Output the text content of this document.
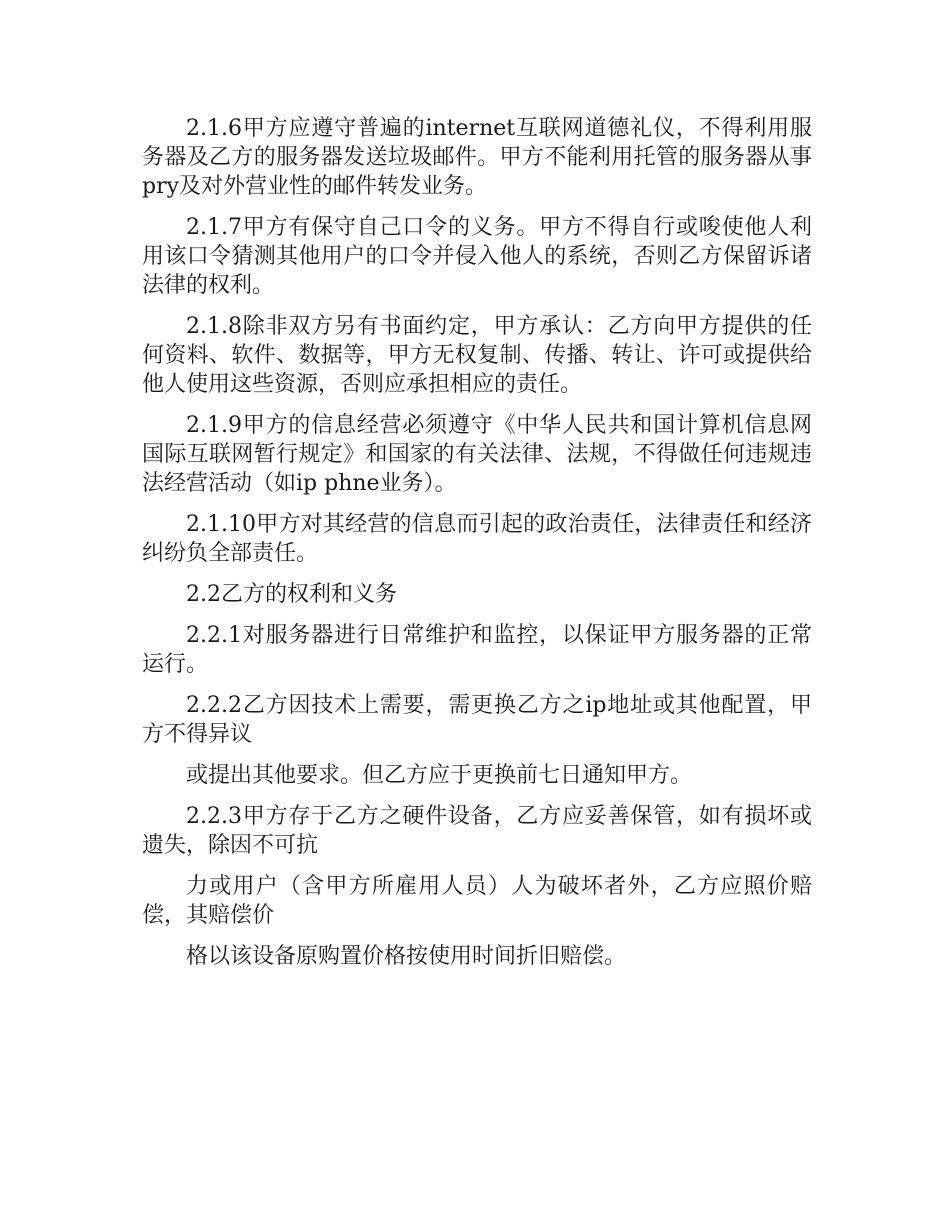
2.1.6甲方应遵守普遍的internet互联网道德礼仪，不得利用服务器及乙方的服务器发送垃圾邮件。甲方不能利用托管的服务器从事pry及对外营业性的邮件转发业务。

2.1.7甲方有保守自己口令的义务。甲方不得自行或唆使他人利用该口令猜测其他用户的口令并侵入他人的系统，否则乙方保留诉诸法律的权利。

2.1.8除非双方另有书面约定，甲方承认：乙方向甲方提供的任何资料、软件、数据等，甲方无权复制、传播、转让、许可或提供给他人使用这些资源，否则应承担相应的责任。

2.1.9甲方的信息经营必须遵守《中华人民共和国计算机信息网国际互联网暂行规定》和国家的有关法律、法规，不得做任何违规违法经营活动（如ip phne业务）。

2.1.10甲方对其经营的信息而引起的政治责任，法律责任和经济纠纷负全部责任。

2.2乙方的权利和义务

2.2.1对服务器进行日常维护和监控，以保证甲方服务器的正常运行。

2.2.2乙方因技术上需要，需更换乙方之ip地址或其他配置，甲方不得异议

或提出其他要求。但乙方应于更换前七日通知甲方。

2.2.3甲方存于乙方之硬件设备，乙方应妥善保管，如有损坏或遗失，除因不可抗

力或用户（含甲方所雇用人员）人为破坏者外，乙方应照价赔偿，其赔偿价

格以该设备原购置价格按使用时间折旧赔偿。
